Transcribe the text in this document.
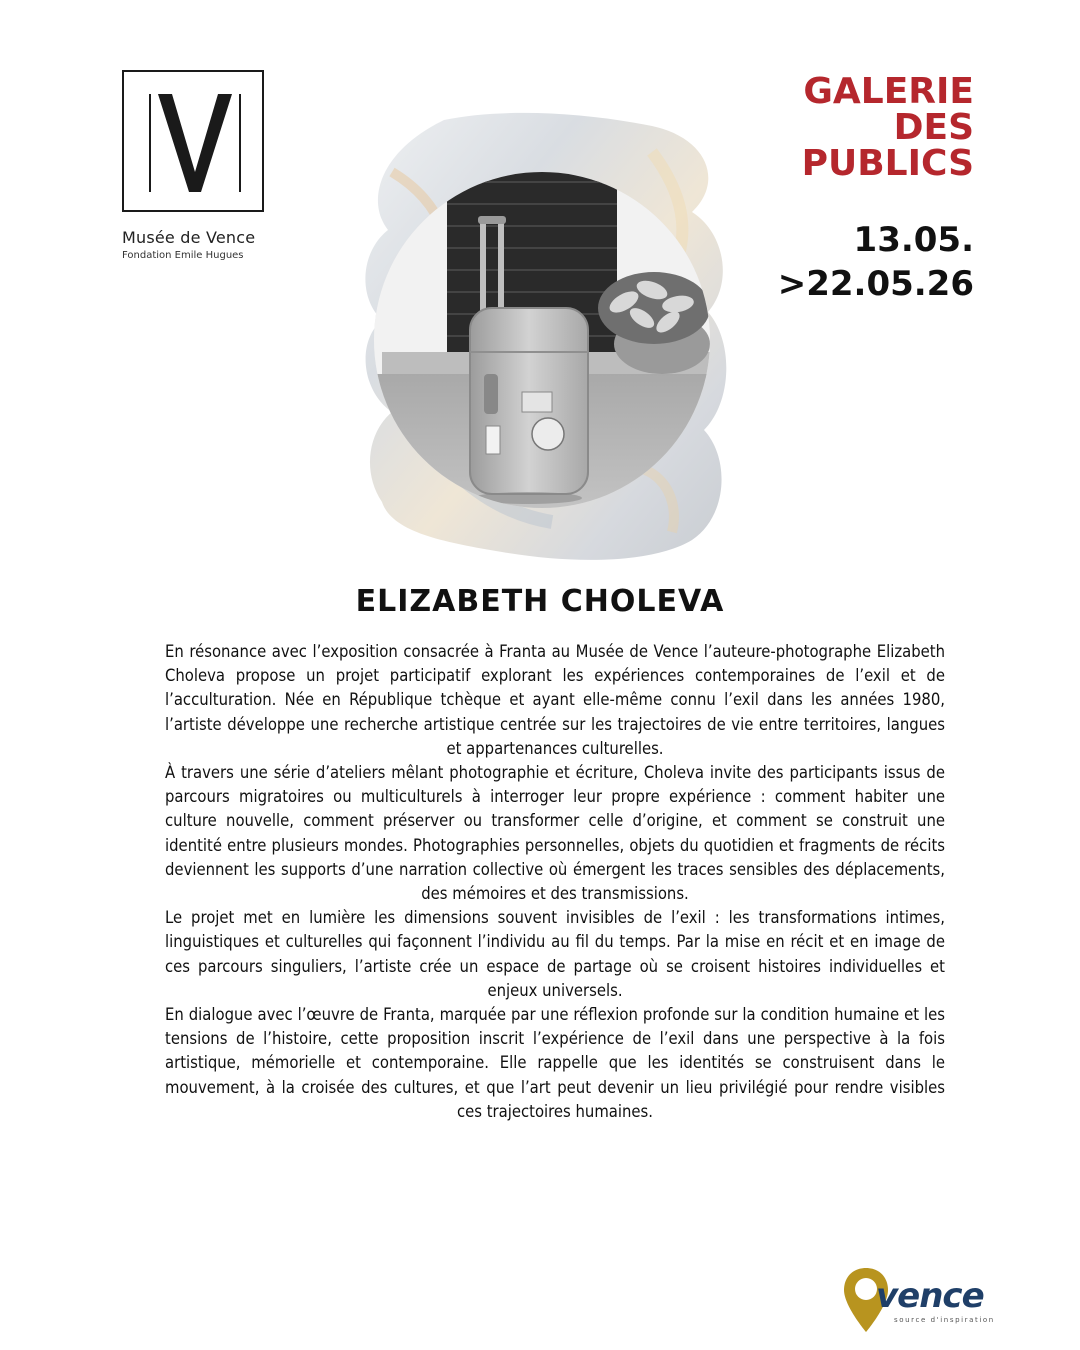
Musée de Vence
Fondation Emile Hugues
GALERIE
DES
PUBLICS
13.05.
>22.05.26
ELIZABETH CHOLEVA

En résonance avec l’exposition consacrée à Franta au Musée de Vence l’auteure-photographe Elizabeth Choleva propose un projet participatif explorant les expériences contemporaines de l’exil et de l’acculturation. Née en République tchèque et ayant elle-même connu l’exil dans les années 1980, l’artiste développe une recherche artistique centrée sur les trajectoires de vie entre territoires, langues et appartenances culturelles.

À travers une série d’ateliers mêlant photographie et écriture, Choleva invite des participants issus de parcours migratoires ou multiculturels à interroger leur propre expérience : comment habiter une culture nouvelle, comment préserver ou transformer celle d’origine, et comment se construit une identité entre plusieurs mondes. Photographies personnelles, objets du quotidien et fragments de récits deviennent les supports d’une narration collective où émergent les traces sensibles des déplacements, des mémoires et des transmissions.

Le projet met en lumière les dimensions souvent invisibles de l’exil : les transformations intimes, linguistiques et culturelles qui façonnent l’individu au fil du temps. Par la mise en récit et en image de ces parcours singuliers, l’artiste crée un espace de partage où se croisent histoires individuelles et enjeux universels.

En dialogue avec l’œuvre de Franta, marquée par une réflexion profonde sur la condition humaine et les tensions de l’histoire, cette proposition inscrit l’expérience de l’exil dans une perspective à la fois artistique, mémorielle et contemporaine. Elle rappelle que les identités se construisent dans le mouvement, à la croisée des cultures, et que l’art peut devenir un lieu privilégié pour rendre visibles ces trajectoires humaines.

vence
source d'inspiration
